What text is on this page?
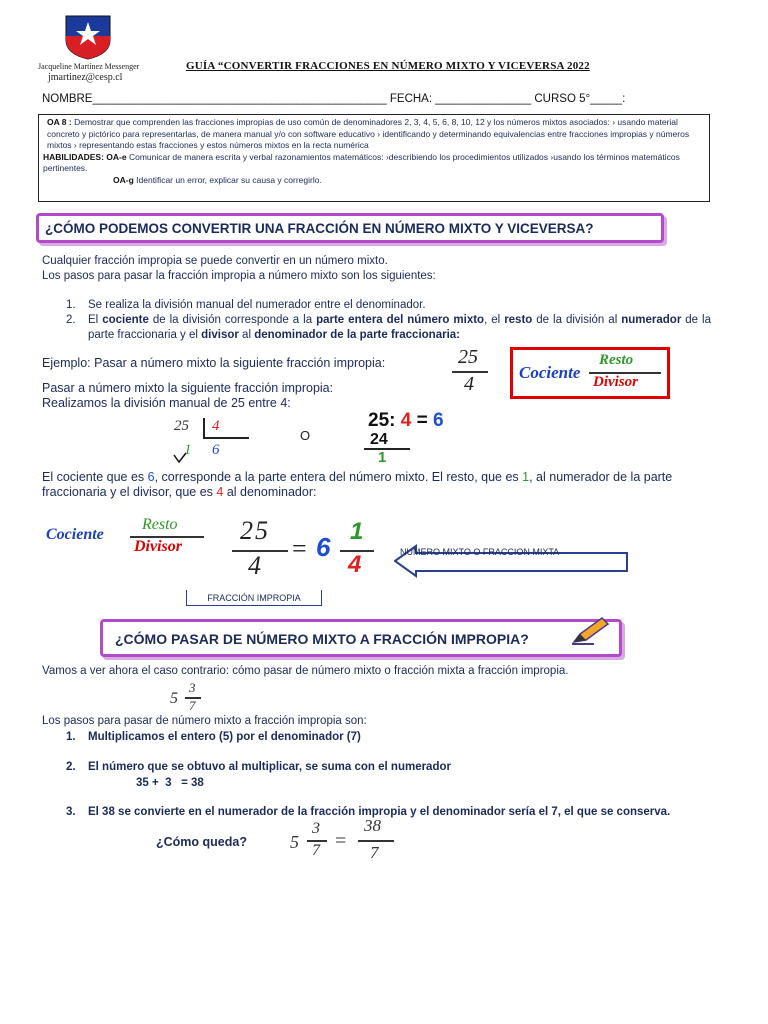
Jacqueline Martínez Messenger
jmartinez@cesp.cl
GUÍA “CONVERTIR FRACCIONES EN NÚMERO MIXTO Y VICEVERSA 2022
NOMBRE______________________________________________ FECHA: _______________ CURSO 5°_____:
OA 8 : Demostrar que comprenden las fracciones impropias de uso común de denominadores 2, 3, 4, 5, 6, 8, 10, 12 y los números mixtos asociados: › usando material concreto y pictórico para representarlas, de manera manual y/o con software educativo › identificando y determinando equivalencias entre fracciones impropias y números mixtos › representando estas fracciones y estos números mixtos en la recta numérica
HABILIDADES: OA-e Comunicar de manera escrita y verbal razonamientos matemáticos: ›describiendo los procedimientos utilizados ›usando los términos matemáticos pertinentes.
OA-g Identificar un error, explicar su causa y corregirlo.
¿CÓMO PODEMOS CONVERTIR UNA FRACCIÓN EN NÚMERO MIXTO Y VICEVERSA?
Cualquier fracción impropia se puede convertir en un número mixto.
Los pasos para pasar la fracción impropia a número mixto son los siguientes:
1.	Se realiza la división manual del numerador entre el denominador.
2.	El cociente de la división corresponde a la parte entera del número mixto, el resto de la división al numerador de la parte fraccionaria y el divisor al denominador de la parte fraccionaria:
Ejemplo: Pasar a número mixto la siguiente fracción impropia:	25
4
Cociente
Resto
Divisor
Pasar a número mixto la siguiente fracción impropia:
Realizamos la división manual de 25 entre 4:
25 4
1 6
O
25: 4 = 6
24
1
El cociente que es 6, corresponde a la parte entera del número mixto. El resto, que es 1, al numerador de la parte fraccionaria y el divisor, que es 4 al denominador:
Cociente
Resto
Divisor
25
4
= 6
1
4	NUMERO MIXTO O FRACCION MIXTA
FRACCIÓN IMPROPIA
¿CÓMO PASAR DE NÚMERO MIXTO A FRACCIÓN IMPROPIA?
Vamos a ver ahora el caso contrario: cómo pasar de número mixto o fracción mixta a fracción impropia.
5
3
7
Los pasos para pasar de número mixto a fracción impropia son:
1. Multiplicamos el entero (5) por el denominador (7)
2. El número que se obtuvo al multiplicar, se suma con el numerador
35 +  3   = 38
3.	El 38 se convierte en el numerador de la fracción impropia y el denominador sería el 7, el que se conserva.
¿Cómo queda? 5
3
7 =
38
7
